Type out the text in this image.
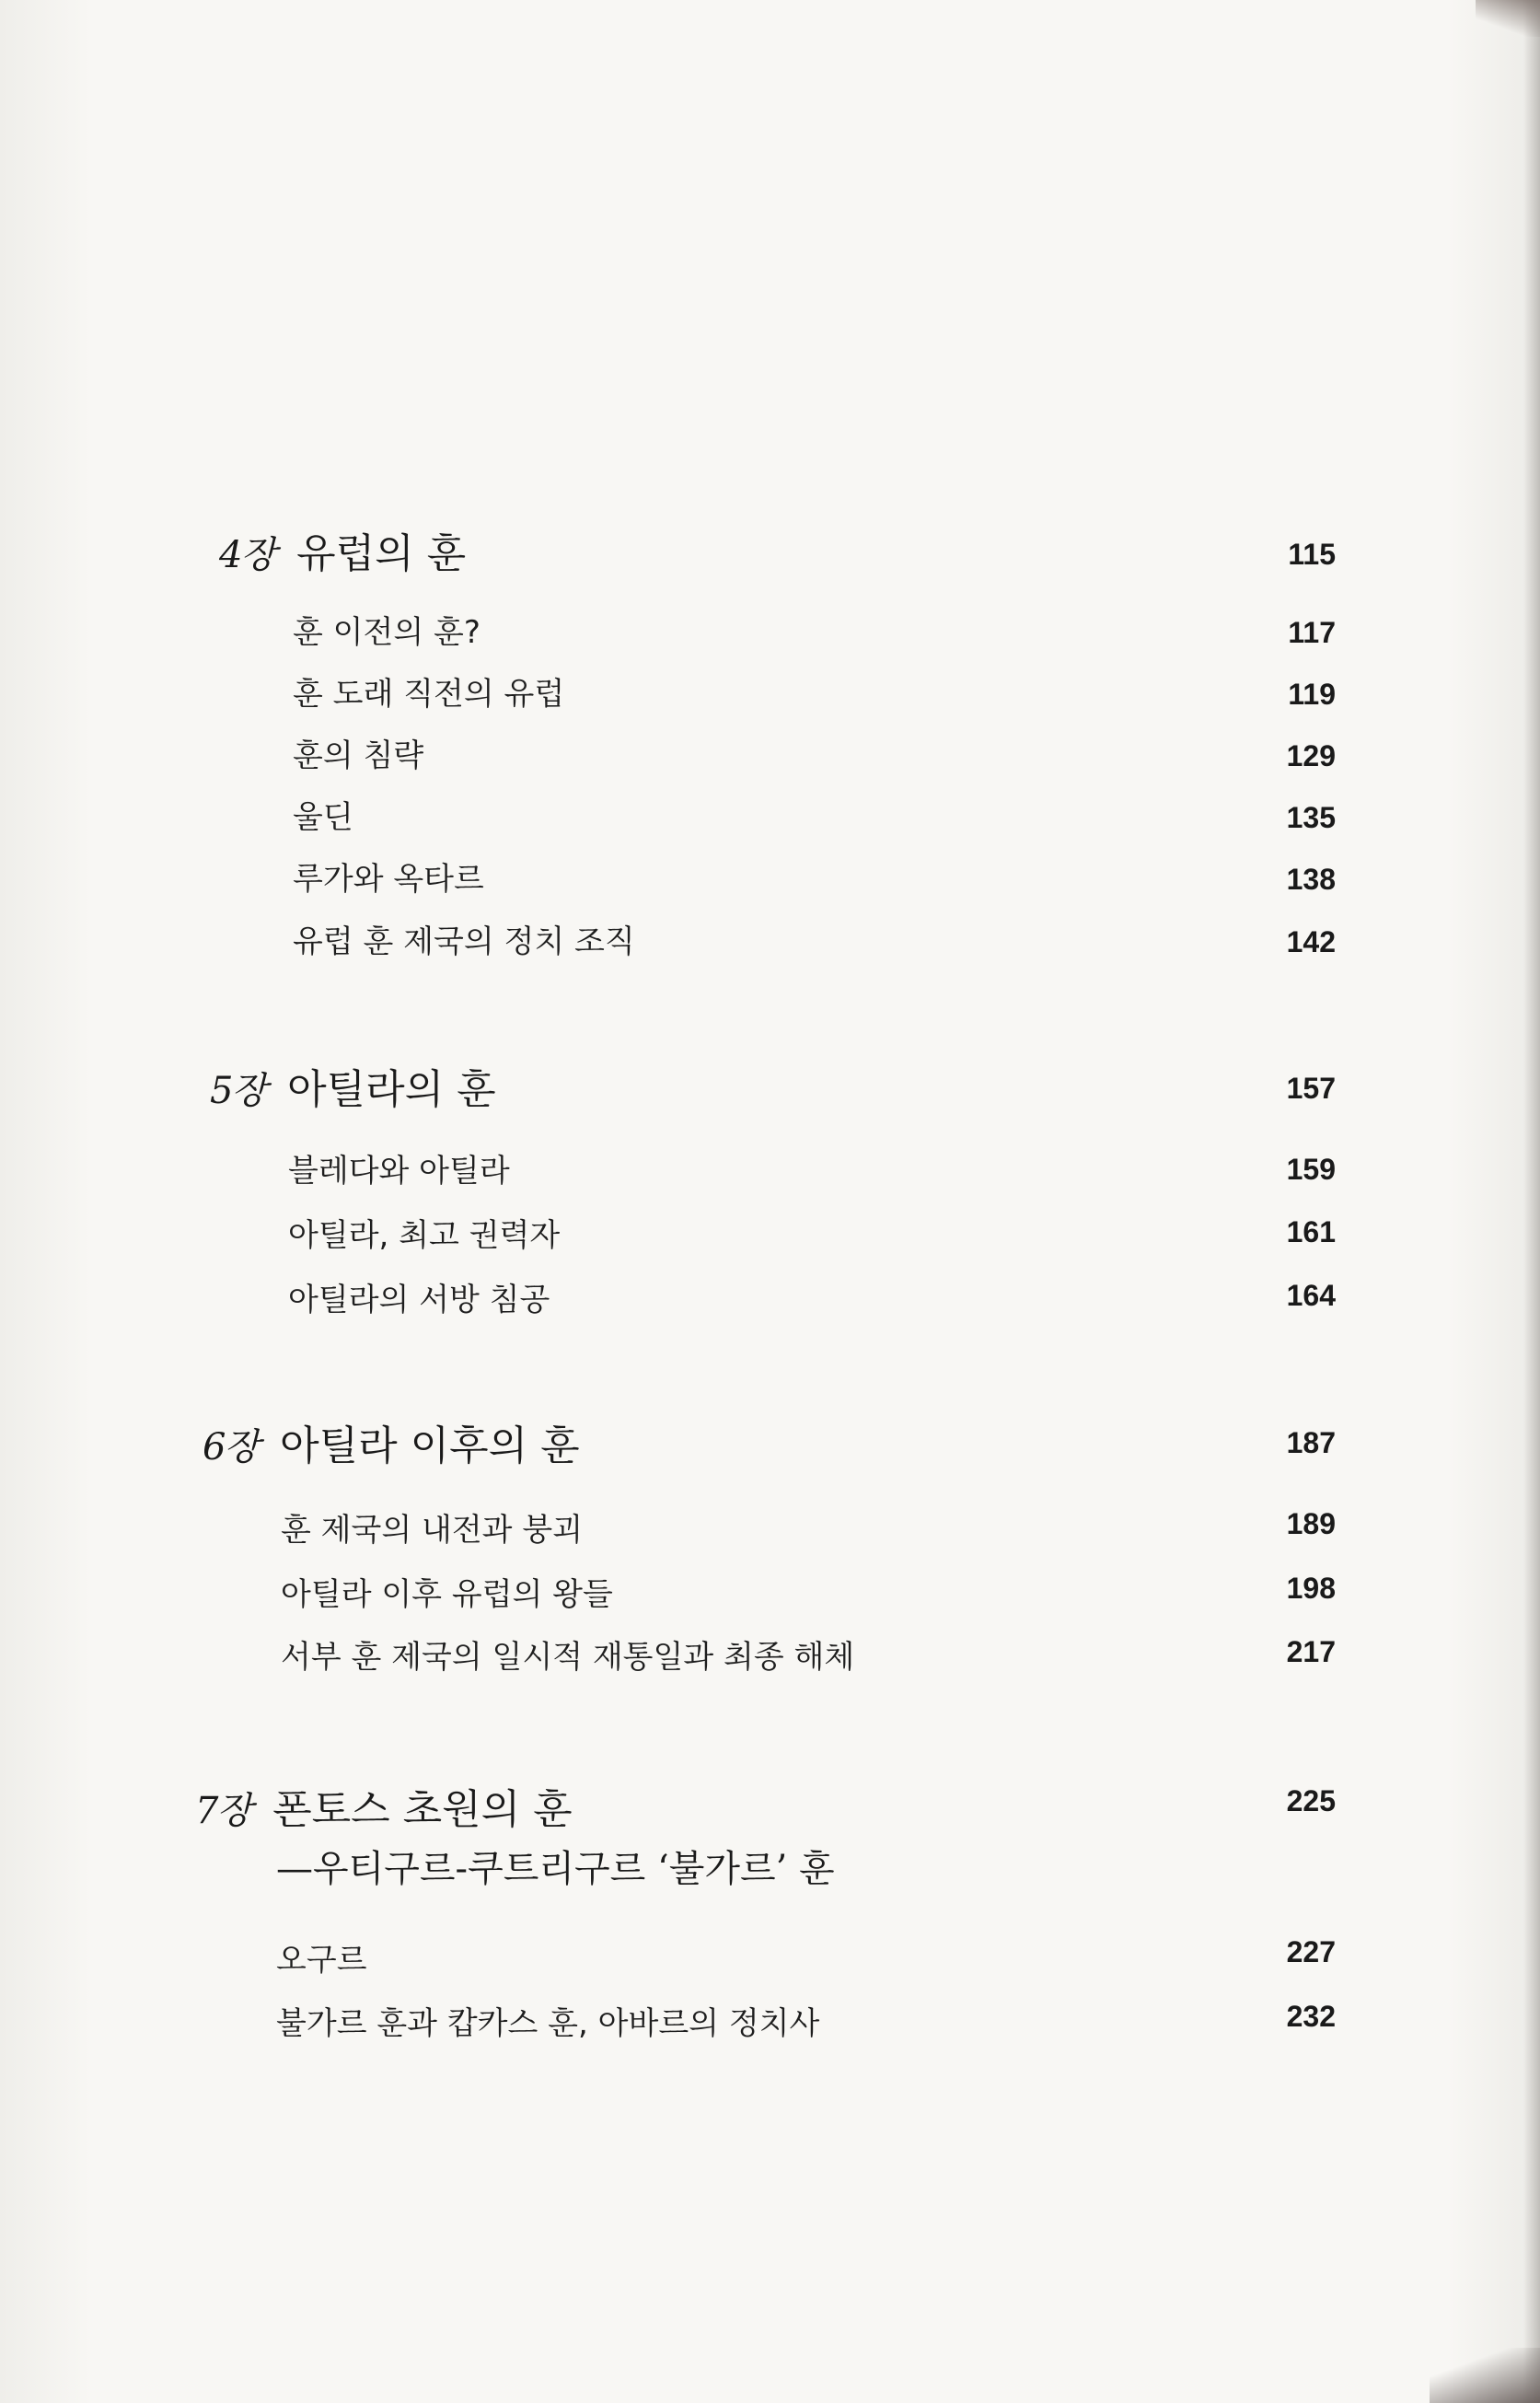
4장 유럽의 훈	115
훈 이전의 훈?	117
훈 도래 직전의 유럽	119
훈의 침략	129
울딘	135
루가와 옥타르	138
유럽 훈 제국의 정치 조직	142
5장 아틸라의 훈	157
블레다와 아틸라	159
아틸라, 최고 권력자	161
아틸라의 서방 침공	164
6장 아틸라 이후의 훈	187
훈 제국의 내전과 붕괴	189
아틸라 이후 유럽의 왕들	198
서부 훈 제국의 일시적 재통일과 최종 해체	217
7장 폰토스 초원의 훈	225
—우티구르-쿠트리구르 ‘불가르’ 훈
오구르	227
불가르 훈과 캅카스 훈, 아바르의 정치사	232
